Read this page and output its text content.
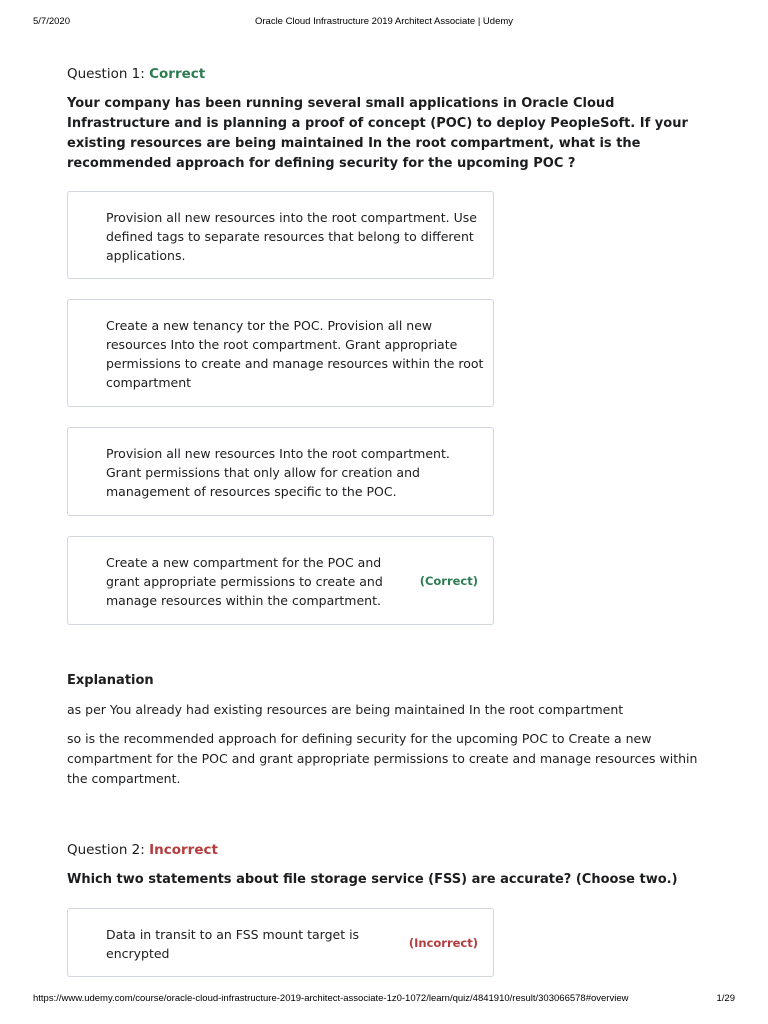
5/7/2020	Oracle Cloud Infrastructure 2019 Architect Associate | Udemy
Question 1: Correct
Your company has been running several small applications in Oracle Cloud Infrastructure and is planning a proof of concept (POC) to deploy PeopleSoft. If your existing resources are being maintained In the root compartment, what is the recommended approach for defining security for the upcoming POC ?
Provision all new resources into the root compartment. Use defined tags to separate resources that belong to different applications.
Create a new tenancy tor the POC. Provision all new resources Into the root compartment. Grant appropriate permissions to create and manage resources within the root compartment
Provision all new resources Into the root compartment. Grant permissions that only allow for creation and management of resources specific to the POC.
Create a new compartment for the POC and grant appropriate permissions to create and manage resources within the compartment.
(Correct)
Explanation
as per You already had existing resources are being maintained In the root compartment
so is the recommended approach for defining security for the upcoming POC to Create a new compartment for the POC and grant appropriate permissions to create and manage resources within the compartment.
Question 2: Incorrect
Which two statements about file storage service (FSS) are accurate? (Choose two.)
Data in transit to an FSS mount target is encrypted
(Incorrect)
https://www.udemy.com/course/oracle-cloud-infrastructure-2019-architect-associate-1z0-1072/learn/quiz/4841910/result/303066578#overview	1/29
